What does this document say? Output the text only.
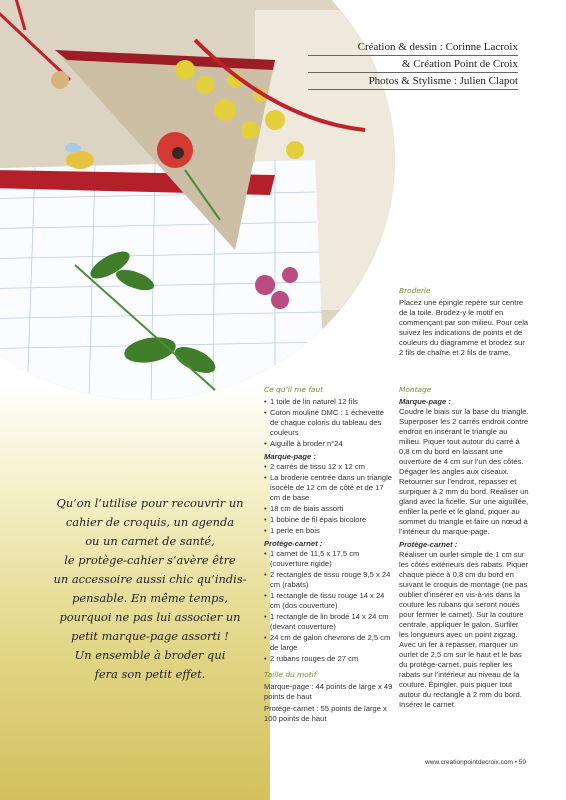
Création & dessin : Corinne Lacroix
& Création Point de Croix
Photos & Stylisme : Julien Clapot
Broderie
Placez une épingle repère sur centre de la toile. Brodez-y le motif en commençant par son milieu. Pour cela suivez les indications de points et de couleurs du diagramme et brodez sur 2 fils de chaîne et 2 fils de trame.
Qu’on l’utilise pour recouvrir un
cahier de croquis, un agenda
ou un carnet de santé,
le protège-cahier s’avère être
un accessoire aussi chic qu’indis-
pensable. En même temps,
pourquoi ne pas lui associer un
petit marque-page assorti !
Un ensemble à broder qui
fera son petit effet.
Ce qu’il me faut
• 1 toile de lin naturel 12 fils
• Coton mouliné DMC : 1 échevette de chaque coloris du tableau des couleurs
• Aiguille à broder n°24
Marque-page :
• 2 carrés de tissu 12 x 12 cm
• La broderie centrée dans un triangle isocèle de 12 cm de côté et de 17 cm de base
• 18 cm de biais assorti
• 1 bobine de fil épais bicolore
• 1 perle en bois
Protège-carnet :
• 1 carnet de 11,5 x 17,5 cm (couverture rigide)
• 2 rectangles de tissu rouge 9,5 x 24 cm (rabats)
• 1 rectangle de tissu rouge 14 x 24 cm (dos couverture)
• 1 rectangle de lin brodé 14 x 24 cm (devant couverture)
• 24 cm de galon chevrons de 2,5 cm de large
• 2 rubans rouges de 27 cm
Taille du motif
Marque-page : 44 points de large x 49 points de haut
Protège-carnet : 55 points de large x 100 points de haut
Montage
Marque-page :
Coudre le biais sur la base du triangle. Superposer les 2 carrés endroit contre endroit en insérant le triangle au milieu. Piquer tout autour du carré à 0,8 cm du bord en laissant une ouverture de 4 cm sur l’un des côtés. Dégager les angles aux ciseaux. Retourner sur l’endroit, repasser et surpiquer à 2 mm du bord. Réaliser un gland avec la ficelle. Sur une aiguillée, enfiler la perle et le gland, piquer au sommet du triangle et faire un nœud à l’intérieur du marque-page.
Protège-carnet :
Réaliser un ourlet simple de 1 cm sur les côtés extérieurs des rabats. Piquer chaque pièce à 0,8 cm du bord en suivant le croquis de montage (ne pas oublier d’insérer en vis-à-vis dans la couture les rubans qui seront noués pour fermer le carnet). Sur la couture centrale, appliquer le galon. Surfiler les longueurs avec un point zigzag. Avec un fer à repasser, marquer un ourlet de 2,5 cm sur le haut et le bas du protège-carnet, puis replier les rabats sur l’intérieur au niveau de la couture. Épingler, puis piquer tout autour du rectangle à 2 mm du bord. Insérer le carnet.
www.creationpointdecroix.com • 59
